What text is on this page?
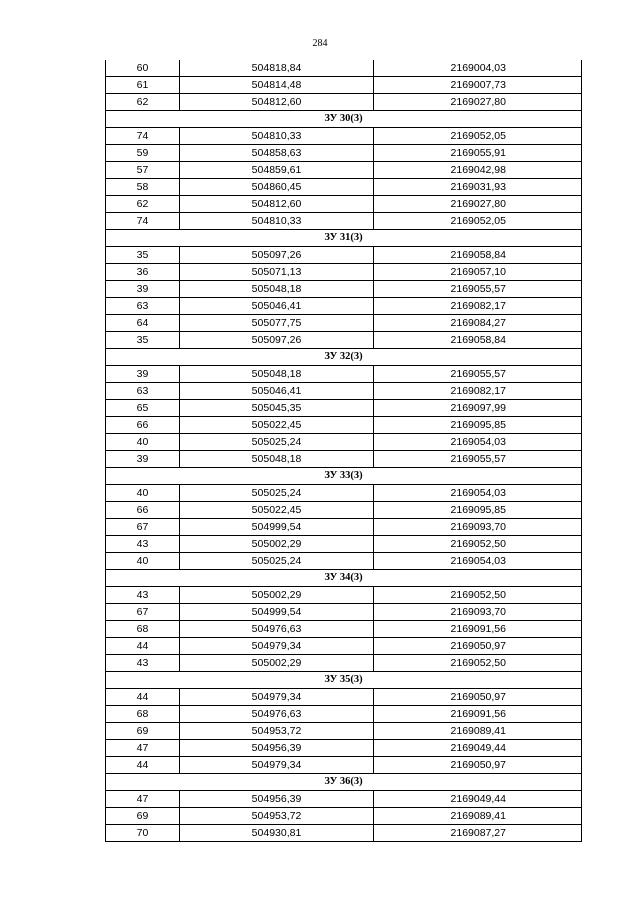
284
60	504818,84	2169004,03
61	504814,48	2169007,73
62	504812,60	2169027,80
ЗУ 30(3)		
74	504810,33	2169052,05
59	504858,63	2169055,91
57	504859,61	2169042,98
58	504860,45	2169031,93
62	504812,60	2169027,80
74	504810,33	2169052,05
ЗУ 31(3)		
35	505097,26	2169058,84
36	505071,13	2169057,10
39	505048,18	2169055,57
63	505046,41	2169082,17
64	505077,75	2169084,27
35	505097,26	2169058,84
ЗУ 32(3)		
39	505048,18	2169055,57
63	505046,41	2169082,17
65	505045,35	2169097,99
66	505022,45	2169095,85
40	505025,24	2169054,03
39	505048,18	2169055,57
ЗУ 33(3)		
40	505025,24	2169054,03
66	505022,45	2169095,85
67	504999,54	2169093,70
43	505002,29	2169052,50
40	505025,24	2169054,03
ЗУ 34(3)		
43	505002,29	2169052,50
67	504999,54	2169093,70
68	504976,63	2169091,56
44	504979,34	2169050,97
43	505002,29	2169052,50
ЗУ 35(3)		
44	504979,34	2169050,97
68	504976,63	2169091,56
69	504953,72	2169089,41
47	504956,39	2169049,44
44	504979,34	2169050,97
ЗУ 36(3)		
47	504956,39	2169049,44
69	504953,72	2169089,41
70	504930,81	2169087,27
